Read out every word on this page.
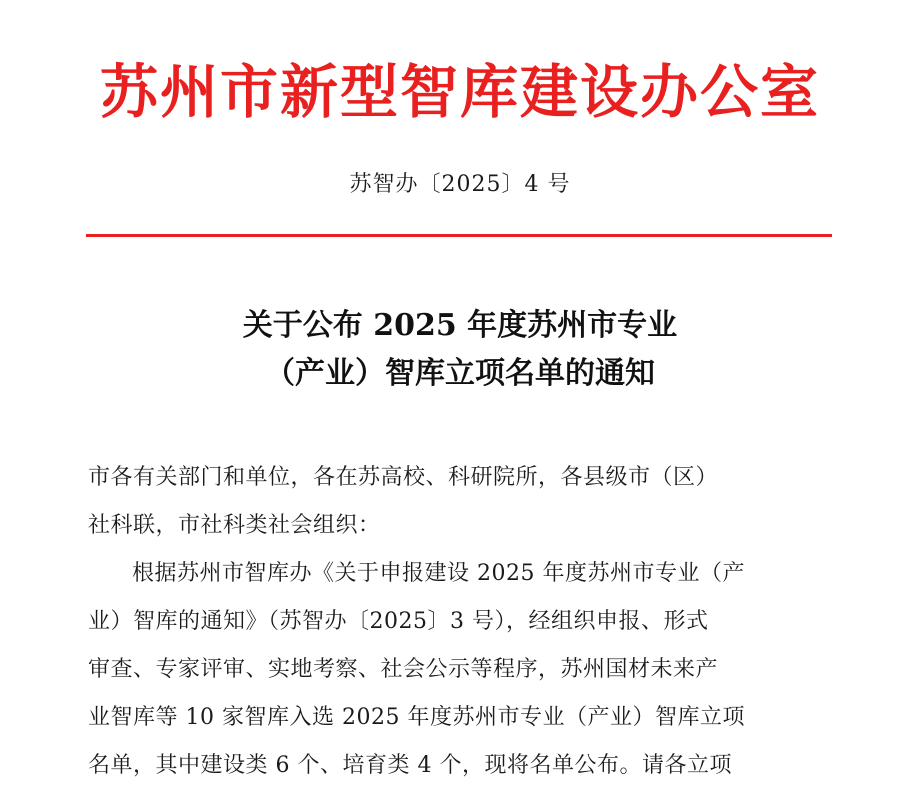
苏州市新型智库建设办公室
苏智办〔2025〕4 号
关于公布 2025 年度苏州市专业
（产业）智库立项名单的通知
市各有关部门和单位，各在苏高校、科研院所，各县级市（区）
社科联，市社科类社会组织：
根据苏州市智库办《关于申报建设 2025 年度苏州市专业（产
业）智库的通知》（苏智办〔2025〕3 号），经组织申报、形式
审查、专家评审、实地考察、社会公示等程序，苏州国材未来产
业智库等 10 家智库入选 2025 年度苏州市专业（产业）智库立项
名单，其中建设类 6 个、培育类 4 个，现将名单公布。请各立项
